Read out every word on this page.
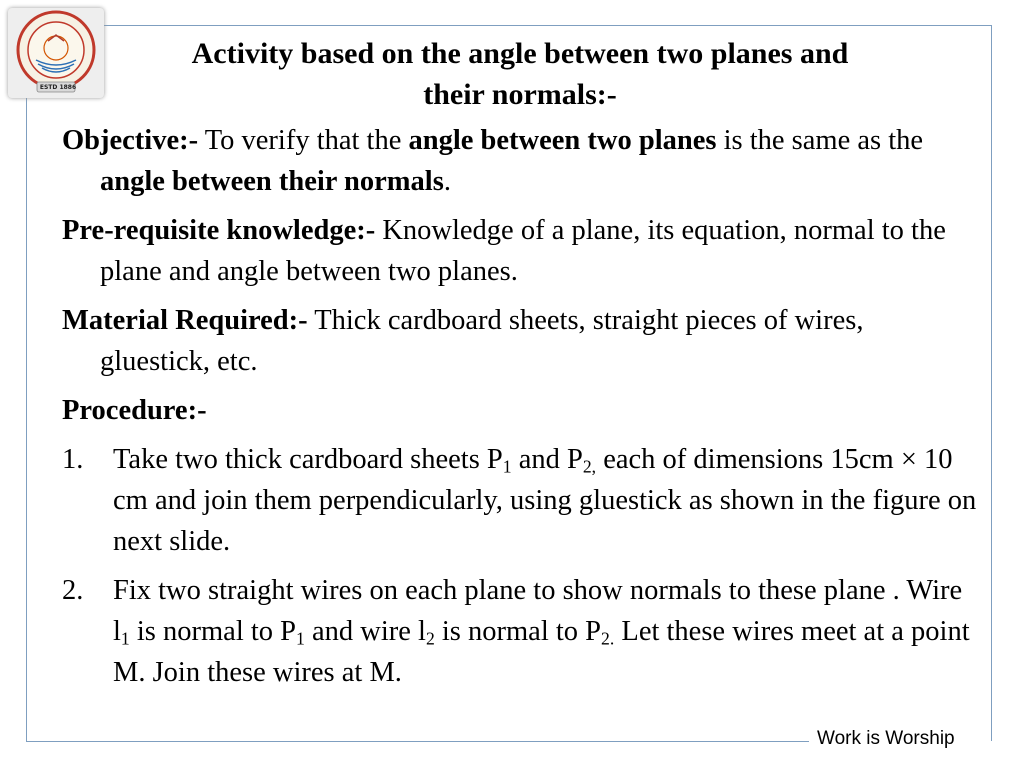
ESTD 1886
Activity based on the angle between two planes and
their normals:-
Objective:- To verify that the angle between two planes is the same as the angle between their normals.
Pre-requisite knowledge:- Knowledge of a plane, its equation, normal to the plane and angle between two planes.
Material Required:- Thick cardboard sheets, straight pieces of wires, gluestick, etc.
Procedure:-
1. Take two thick cardboard sheets $P_1$ and $P_{2,}$ each of dimensions 15cm × 10 cm and join them perpendicularly, using gluestick as shown in the figure on next slide.
2. Fix two straight wires on each plane to show normals to these plane . Wire $l_1$ is normal to $P_1$ and wire $l_2$ is normal to $P_{2.}$ Let these wires meet at a point M. Join these wires at M.
Work is Worship
